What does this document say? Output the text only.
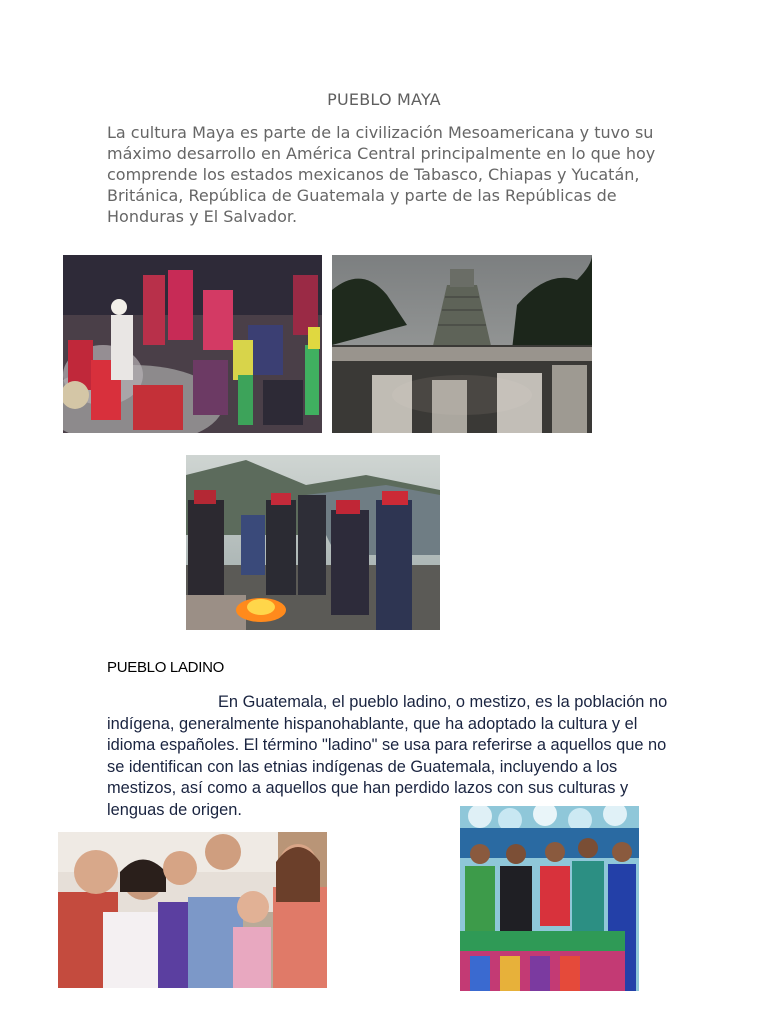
PUEBLO MAYA
La cultura Maya es parte de la civilización Mesoamericana y tuvo su máximo desarrollo en América Central principalmente en lo que hoy comprende los estados mexicanos de Tabasco, Chiapas y Yucatán, Británica, República de Guatemala y parte de las Repúblicas de Honduras y El Salvador.
PUEBLO LADINO
En Guatemala, el pueblo ladino, o mestizo, es la población no indígena, generalmente hispanohablante, que ha adoptado la cultura y el idioma españoles. El término "ladino" se usa para referirse a aquellos que no se identifican con las etnias indígenas de Guatemala, incluyendo a los mestizos, así como a aquellos que han perdido lazos con sus culturas y lenguas de origen.
